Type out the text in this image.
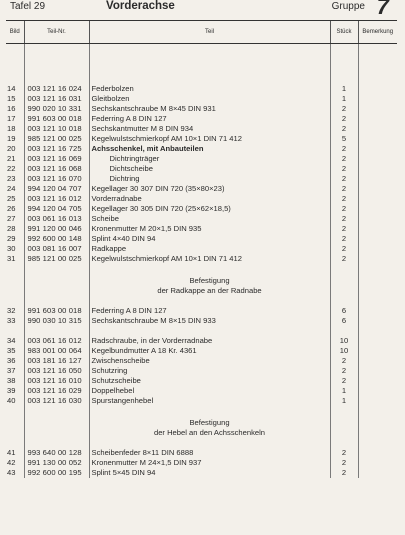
Tafel 29	Vorderachse	Gruppe 7
Bild	Teil-Nr.	Teil	Stück	Bemerkung

14	003 121 16 024	Federbolzen	1	
15	003 121 16 031	Gleitbolzen	1	
16	990 020 10 331	Sechskantschraube M 8×45 DIN 931	2	
17	991 603 00 018	Federring A 8 DIN 127	2	
18	003 121 10 018	Sechskantmutter M 8 DIN 934	2	
19	985 121 00 025	Kegelwulstschmierkopf AM 10×1 DIN 71 412	5	
20	003 121 16 725	Achsschenkel, mit Anbauteilen	2	
21	003 121 16 069	Dichtringträger	2	
22	003 121 16 068	Dichtscheibe	2	
23	003 121 16 070	Dichtring	2	
24	994 120 04 707	Kegellager 30 307 DIN 720 (35×80×23)	2	
25	003 121 16 012	Vorderradnabe	2	
26	994 120 04 705	Kegellager 30 305 DIN 720 (25×62×18,5)	2	
27	003 061 16 013	Scheibe	2	
28	991 120 00 046	Kronenmutter M 20×1,5 DIN 935	2	
29	992 600 00 148	Splint 4×40 DIN 94	2	
30	003 081 16 007	Radkappe	2	
31	985 121 00 025	Kegelwulstschmierkopf AM 10×1 DIN 71 412	2	

		Befestigung		
		der Radkappe an der Radnabe		

32	991 603 00 018	Federring A 8 DIN 127	6	
33	990 030 10 315	Sechskantschraube M 8×15 DIN 933	6	

34	003 061 16 012	Radschraube, in der Vorderradnabe	10	
35	983 001 00 064	Kegelbundmutter A 18 Kr. 4361	10	
36	003 181 16 127	Zwischenscheibe	2	
37	003 121 16 050	Schutzring	2	
38	003 121 16 010	Schutzscheibe	2	
39	003 121 16 029	Doppelhebel	1	
40	003 121 16 030	Spurstangenhebel	1	

		Befestigung		
		der Hebel an den Achsschenkeln		

41	993 640 00 128	Scheibenfeder 8×11 DIN 6888	2	
42	991 130 00 052	Kronenmutter M 24×1,5 DIN 937	2	
43	992 600 00 195	Splint 5×45 DIN 94	2	
